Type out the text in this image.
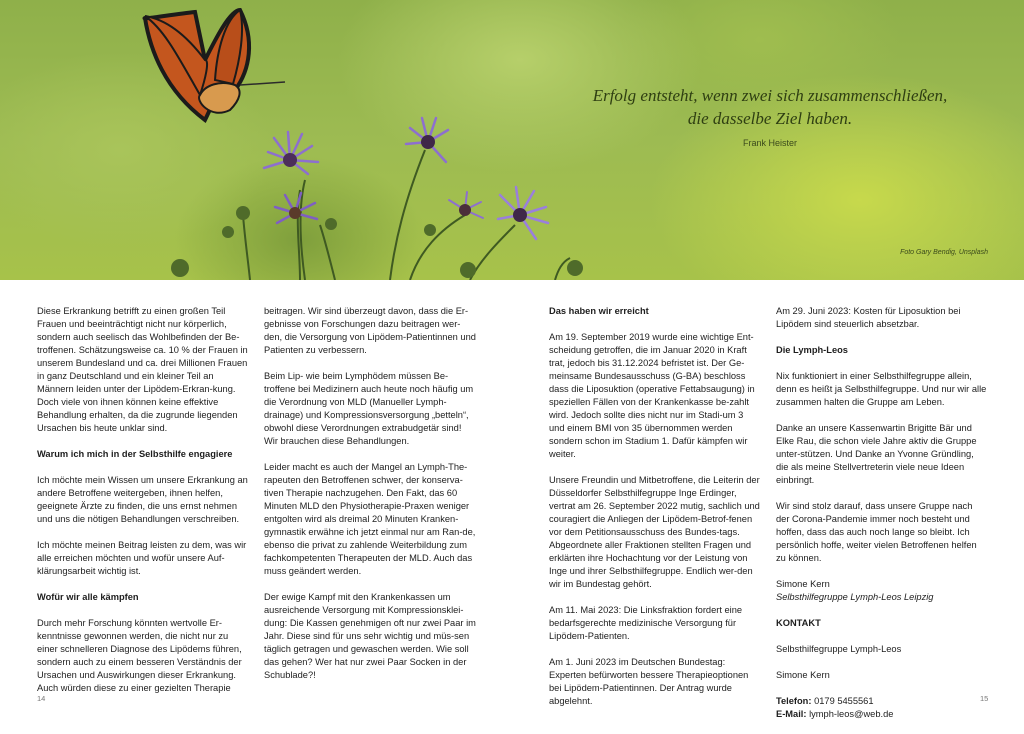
Erfolg entsteht, wenn zwei sich zusammenschließen,
die dasselbe Ziel haben.
Frank Heister
Foto Gary Bendig, Unsplash

Diese Erkrankung betrifft zu einen großen Teil Frauen und beeinträchtigt nicht nur körperlich, sondern auch seelisch das Wohlbefinden der Be-troffenen. Schätzungsweise ca. 10 % der Frauen in unserem Bundesland und ca. drei Millionen Frauen in ganz Deutschland und ein kleiner Teil an Männern leiden unter der Lipödem-Erkran-kung. Doch viele von ihnen können keine effektive Behandlung erhalten, da die zugrunde liegenden Ursachen bis heute unklar sind.

Warum ich mich in der Selbsthilfe engagiere

Ich möchte mein Wissen um unsere Erkrankung an andere Betroffene weitergeben, ihnen helfen, geeignete Ärzte zu finden, die uns ernst nehmen und uns die nötigen Behandlungen verschreiben.

Ich möchte meinen Beitrag leisten zu dem, was wir alle erreichen möchten und wofür unsere Auf-klärungsarbeit wichtig ist.

Wofür wir alle kämpfen

Durch mehr Forschung könnten wertvolle Er-kenntnisse gewonnen werden, die nicht nur zu einer schnelleren Diagnose des Lipödems führen, sondern auch zu einem besseren Verständnis der Ursachen und Auswirkungen dieser Erkrankung. Auch würden diese zu einer gezielten Therapie

beitragen. Wir sind überzeugt davon, dass die Er-gebnisse von Forschungen dazu beitragen wer-den, die Versorgung von Lipödem-Patientinnen und Patienten zu verbessern.

Beim Lip- wie beim Lymphödem müssen Be-troffene bei Medizinern auch heute noch häufig um die Verordnung von MLD (Manueller Lymph-drainage) und Kompressionsversorgung „betteln“, obwohl diese Verordnungen extrabudgetär sind! Wir brauchen diese Behandlungen.

Leider macht es auch der Mangel an Lymph-The-rapeuten den Betroffenen schwer, der konserva-tiven Therapie nachzugehen. Den Fakt, das 60 Minuten MLD den Physiotherapie-Praxen weniger entgolten wird als dreimal 20 Minuten Kranken-gymnastik erwähne ich jetzt einmal nur am Ran-de, ebenso die privat zu zahlende Weiterbildung zum fachkompetenten Therapeuten der MLD. Auch das muss geändert werden.

Der ewige Kampf mit den Krankenkassen um ausreichende Versorgung mit Kompressionsklei-dung: Die Kassen genehmigen oft nur zwei Paar im Jahr. Diese sind für uns sehr wichtig und müs-sen täglich getragen und gewaschen werden. Wie soll das gehen? Wer hat nur zwei Paar Socken in der Schublade?!

Das haben wir erreicht

Am 19. September 2019 wurde eine wichtige Ent-scheidung getroffen, die im Januar 2020 in Kraft trat, jedoch bis 31.12.2024 befristet ist. Der Ge-meinsame Bundesausschuss (G-BA) beschloss dass die Liposuktion (operative Fettabsaugung) in speziellen Fällen von der Krankenkasse be-zahlt wird. Jedoch sollte dies nicht nur im Stadi-um 3 und einem BMI von 35 übernommen werden sondern schon im Stadium 1. Dafür kämpfen wir weiter.

Unsere Freundin und Mitbetroffene, die Leiterin der Düsseldorfer Selbsthilfegruppe Inge Erdinger, vertrat am 26. September 2022 mutig, sachlich und couragiert die Anliegen der Lipödem-Betrof-fenen vor dem Petitionsausschuss des Bundes-tags. Abgeordnete aller Fraktionen stellten Fragen und erklärten ihre Hochachtung vor der Leistung von Inge und ihrer Selbsthilfegruppe. Endlich wer-den wir im Bundestag gehört.

Am 11. Mai 2023: Die Linksfraktion fordert eine bedarfsgerechte medizinische Versorgung für Lipödem-Patienten.

Am 1. Juni 2023 im Deutschen Bundestag: Experten befürworten bessere Therapieoptionen bei Lipödem-Patientinnen. Der Antrag wurde abgelehnt.

Am 29. Juni 2023: Kosten für Liposuktion bei Lipödem sind steuerlich absetzbar.

Die Lymph-Leos

Nix funktioniert in einer Selbsthilfegruppe allein, denn es heißt ja Selbsthilfegruppe. Und nur wir alle zusammen halten die Gruppe am Leben.

Danke an unsere Kassenwartin Brigitte Bär und Elke Rau, die schon viele Jahre aktiv die Gruppe unter-stützen. Und Danke an Yvonne Gründling, die als meine Stellvertreterin viele neue Ideen einbringt.

Wir sind stolz darauf, dass unsere Gruppe nach der Corona-Pandemie immer noch besteht und hoffen, dass das auch noch lange so bleibt. Ich persönlich hoffe, weiter vielen Betroffenen helfen zu können.

Simone Kern
Selbsthilfegruppe Lymph-Leos Leipzig

KONTAKT

Selbsthilfegruppe Lymph-Leos

Simone Kern

Telefon: 0179 5455561
E-Mail: lymph-leos@web.de

14	15
